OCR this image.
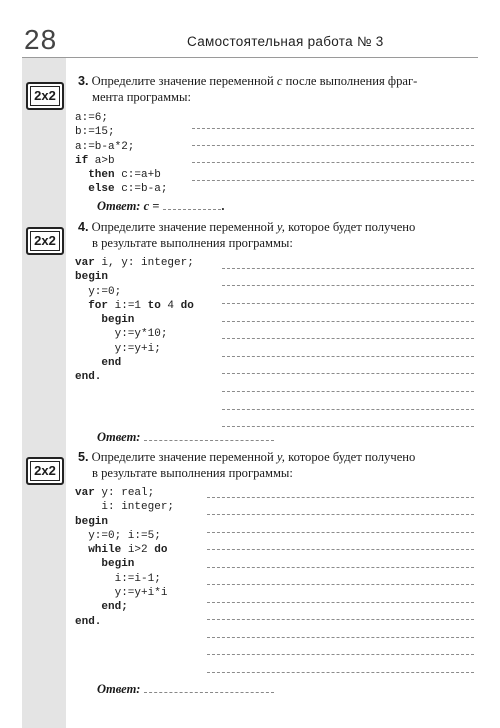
28	Самостоятельная работа № 3
2x2
3. Определите значение переменной c после выполнения фраг-
мента программы:
a:=6;
b:=15;
a:=b-a*2;
if a>b
then c:=a+b
else c:=b-a;
Ответ: c =	.
2x2
4. Определите значение переменной y, которое будет получено
в результате выполнения программы:
var i, y: integer;
begin
y:=0;
for i:=1 to 4 do
begin
y:=y*10;
y:=y+i;
end
end.
Ответ:
2x2
5. Определите значение переменной y, которое будет получено
в результате выполнения программы:
var y: real;
i: integer;
begin
y:=0; i:=5;
while i>2 do
begin
i:=i-1;
y:=y+i*i
end;
end.
Ответ:
